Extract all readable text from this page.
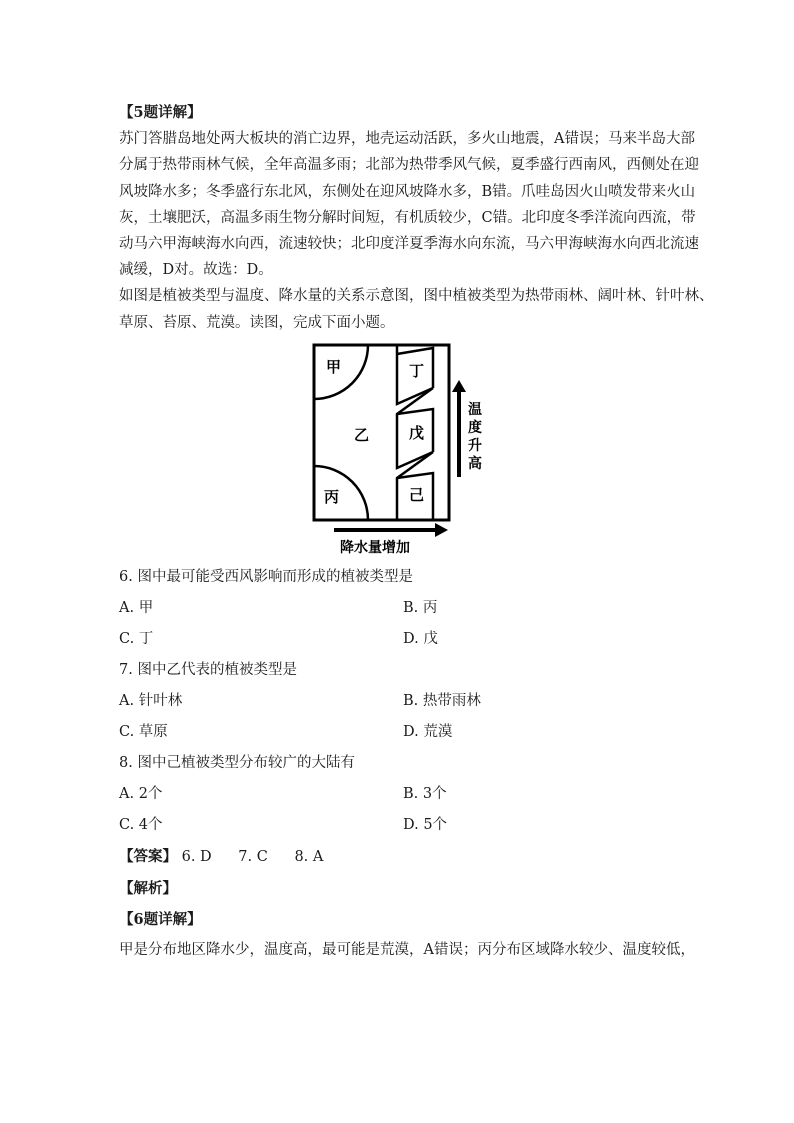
【5题详解】
苏门答腊岛地处两大板块的消亡边界，地壳运动活跃，多火山地震，A错误；马来半岛大部
分属于热带雨林气候，全年高温多雨；北部为热带季风气候，夏季盛行西南风，西侧处在迎
风坡降水多；冬季盛行东北风，东侧处在迎风坡降水多，B错。爪哇岛因火山喷发带来火山
灰，土壤肥沃，高温多雨生物分解时间短，有机质较少，C错。北印度冬季洋流向西流，带
动马六甲海峡海水向西，流速较快；北印度洋夏季海水向东流，马六甲海峡海水向西北流速
减缓，D对。故选：D。
如图是植被类型与温度、降水量的关系示意图，图中植被类型为热带雨林、阔叶林、针叶林、
草原、苔原、荒漠。读图，完成下面小题。
甲
乙
丙
丁
戊
己
温
度
升
高
降水量增加
6. 图中最可能受西风影响而形成的植被类型是
A. 甲	B. 丙
C. 丁	D. 戊
7. 图中乙代表的植被类型是
A. 针叶林	B. 热带雨林
C. 草原	D. 荒漠
8. 图中己植被类型分布较广的大陆有
A. 2个	B. 3个
C. 4个	D. 5个
【答案】 6. D 7. C 8. A
【解析】
【6题详解】
甲是分布地区降水少，温度高，最可能是荒漠，A错误；丙分布区域降水较少、温度较低，
